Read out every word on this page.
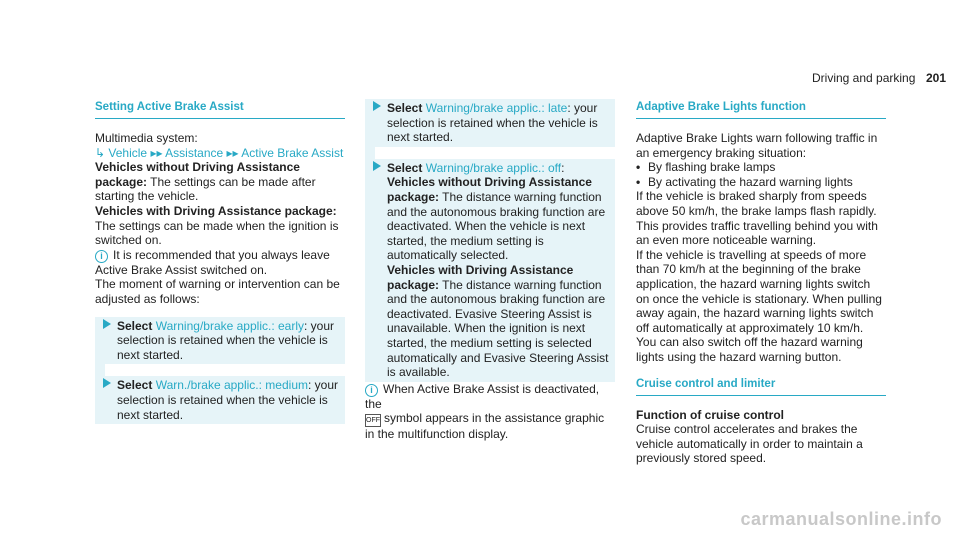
Driving and parking 201
Setting Active Brake Assist
Multimedia system:
↳ Vehicle ▸▸ Assistance ▸▸ Active Brake Assist
Vehicles without Driving Assistance package: The settings can be made after starting the vehicle.
Vehicles with Driving Assistance package: The settings can be made when the ignition is switched on.
i It is recommended that you always leave Active Brake Assist switched on.
The moment of warning or intervention can be adjusted as follows:
Select Warning/brake applic.: early: your selection is retained when the vehicle is next started.
Select Warn./brake applic.: medium: your selection is retained when the vehicle is next started.
Select Warning/brake applic.: late: your selection is retained when the vehicle is next started.
Select Warning/brake applic.: off:
Vehicles without Driving Assistance package: The distance warning function and the autonomous braking function are deactivated. When the vehicle is next started, the medium setting is automatically selected.
Vehicles with Driving Assistance package: The distance warning function and the autonomous braking function are deactivated. Evasive Steering Assist is unavailable. When the ignition is next started, the medium setting is selected automatically and Evasive Steering Assist is available.
i When Active Brake Assist is deactivated, the
OFF symbol appears in the assistance graphic in the multifunction display.
Adaptive Brake Lights function
Adaptive Brake Lights warn following traffic in an emergency braking situation:
• By flashing brake lamps
• By activating the hazard warning lights
If the vehicle is braked sharply from speeds above 50 km/h, the brake lamps flash rapidly. This provides traffic travelling behind you with an even more noticeable warning.
If the vehicle is travelling at speeds of more than 70 km/h at the beginning of the brake application, the hazard warning lights switch on once the vehicle is stationary. When pulling away again, the hazard warning lights switch off automatically at approximately 10 km/h. You can also switch off the hazard warning lights using the hazard warning button.
Cruise control and limiter
Function of cruise control
Cruise control accelerates and brakes the vehicle automatically in order to maintain a previously stored speed.
carmanualsonline.info
